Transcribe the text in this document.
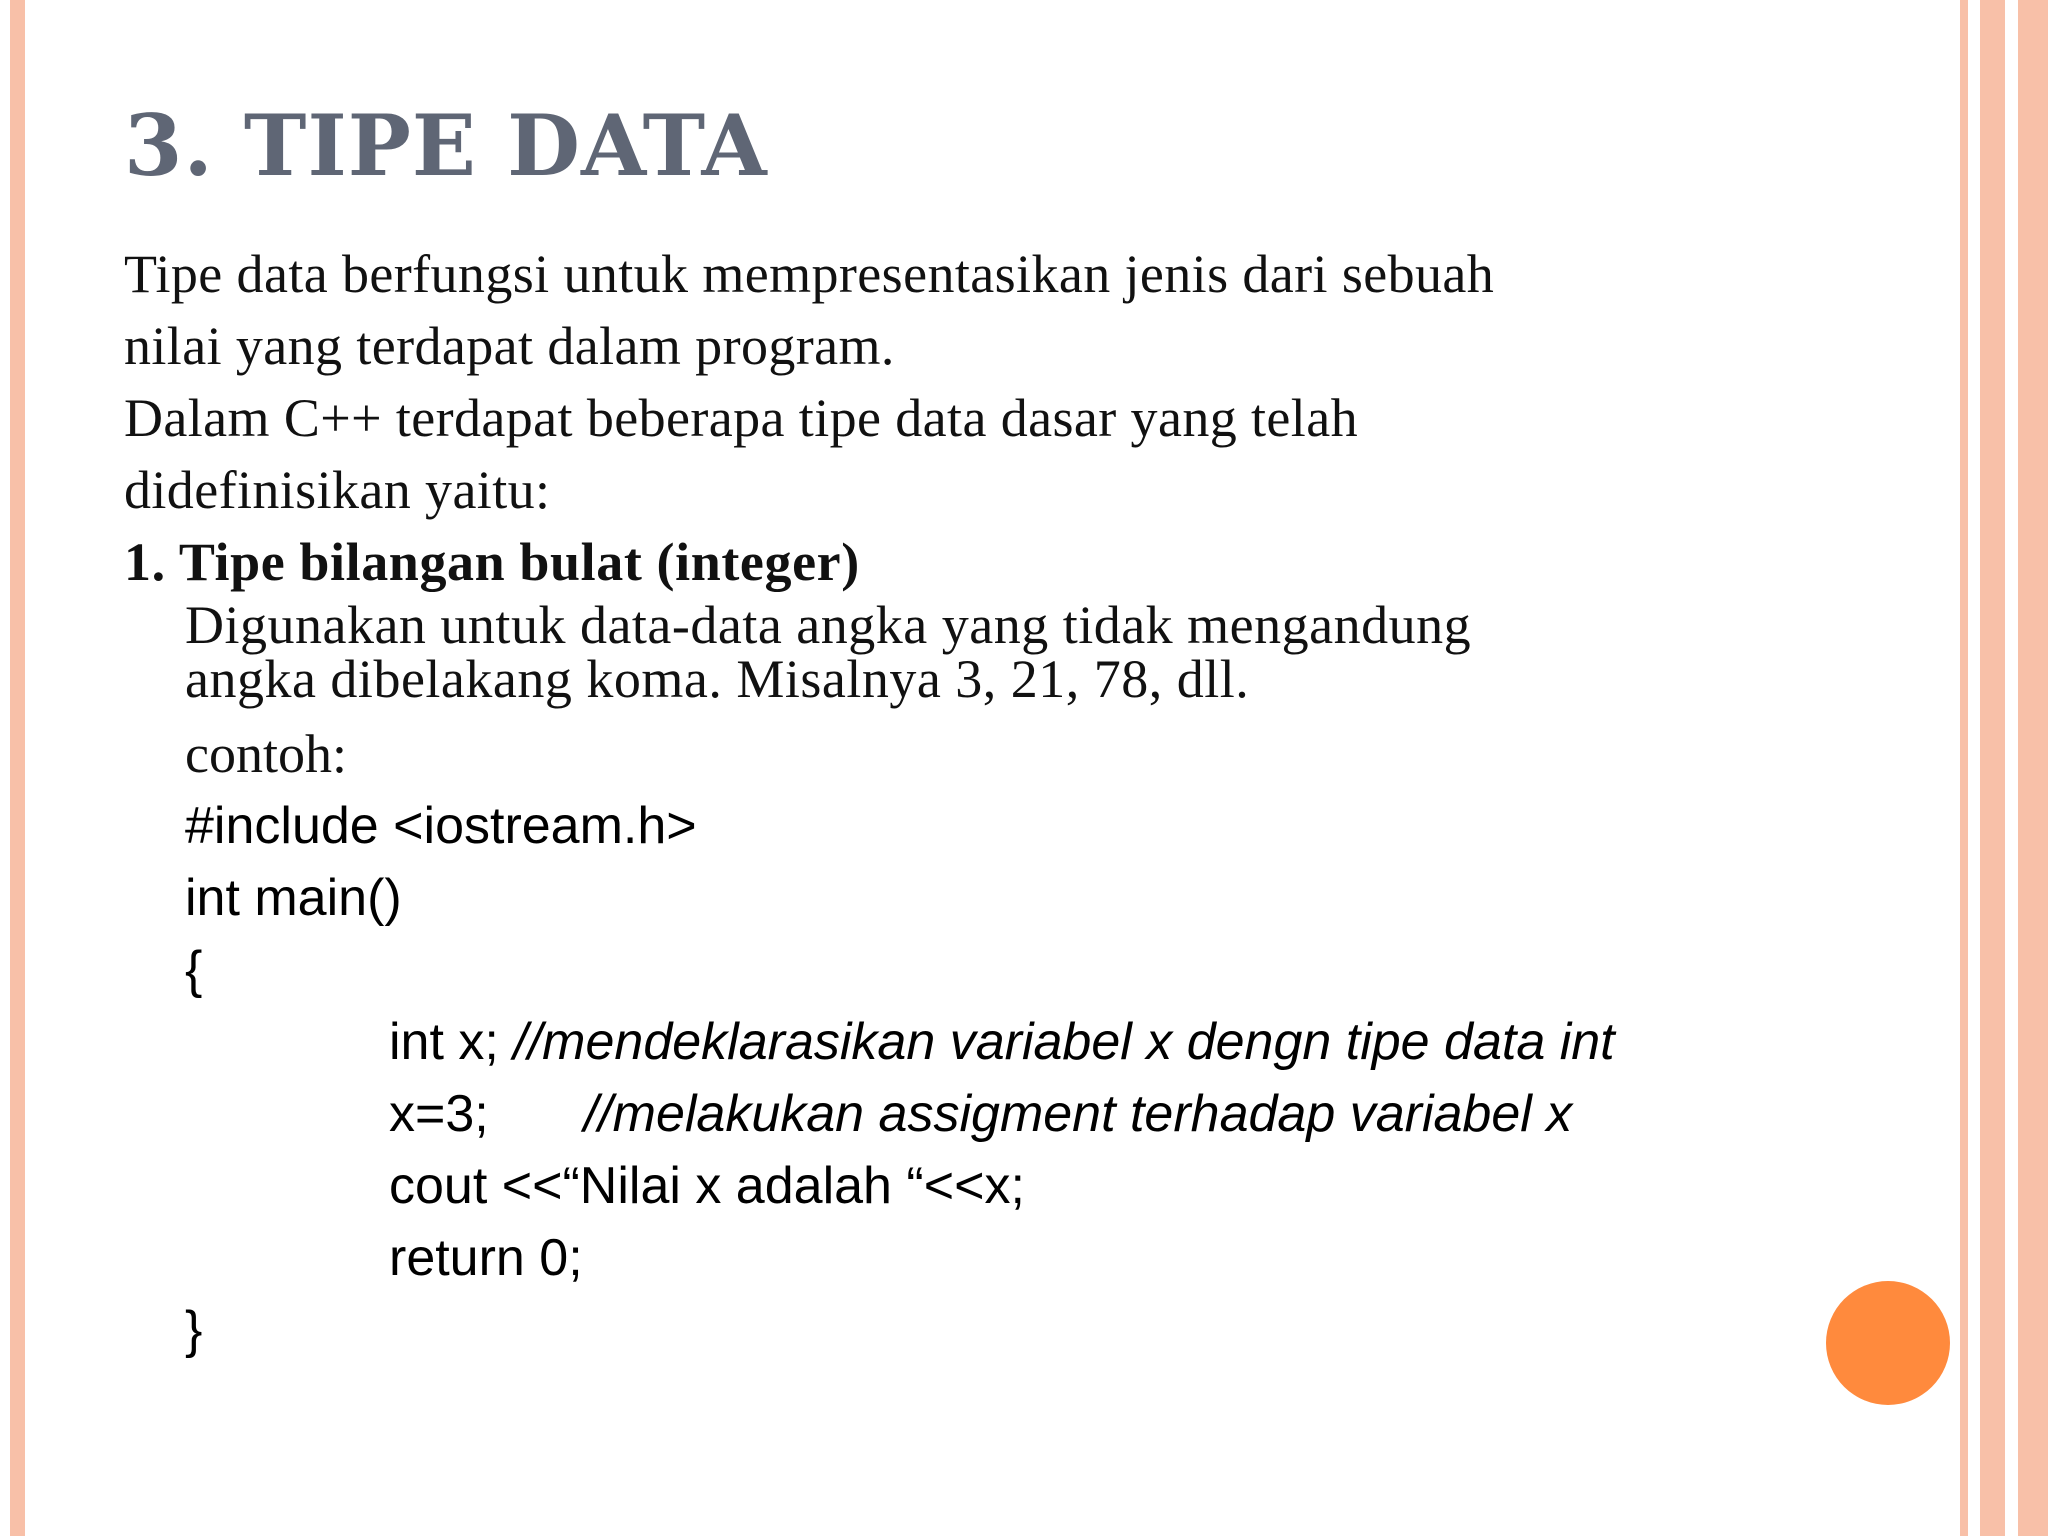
3. TIPE DATA

Tipe data berfungsi untuk mempresentasikan jenis dari sebuah

nilai yang terdapat dalam program.

Dalam C++ terdapat beberapa tipe data dasar yang telah

didefinisikan yaitu:

1. Tipe bilangan bulat (integer)

Digunakan untuk data-data angka yang tidak mengandung

angka dibelakang koma. Misalnya 3, 21, 78, dll.

contoh:

#include <iostream.h>

int main()

{

int x; //mendeklarasikan variabel x dengn tipe data int

x=3; //melakukan assigment terhadap variabel x

cout <<“Nilai x adalah “<<x;

return 0;

}
